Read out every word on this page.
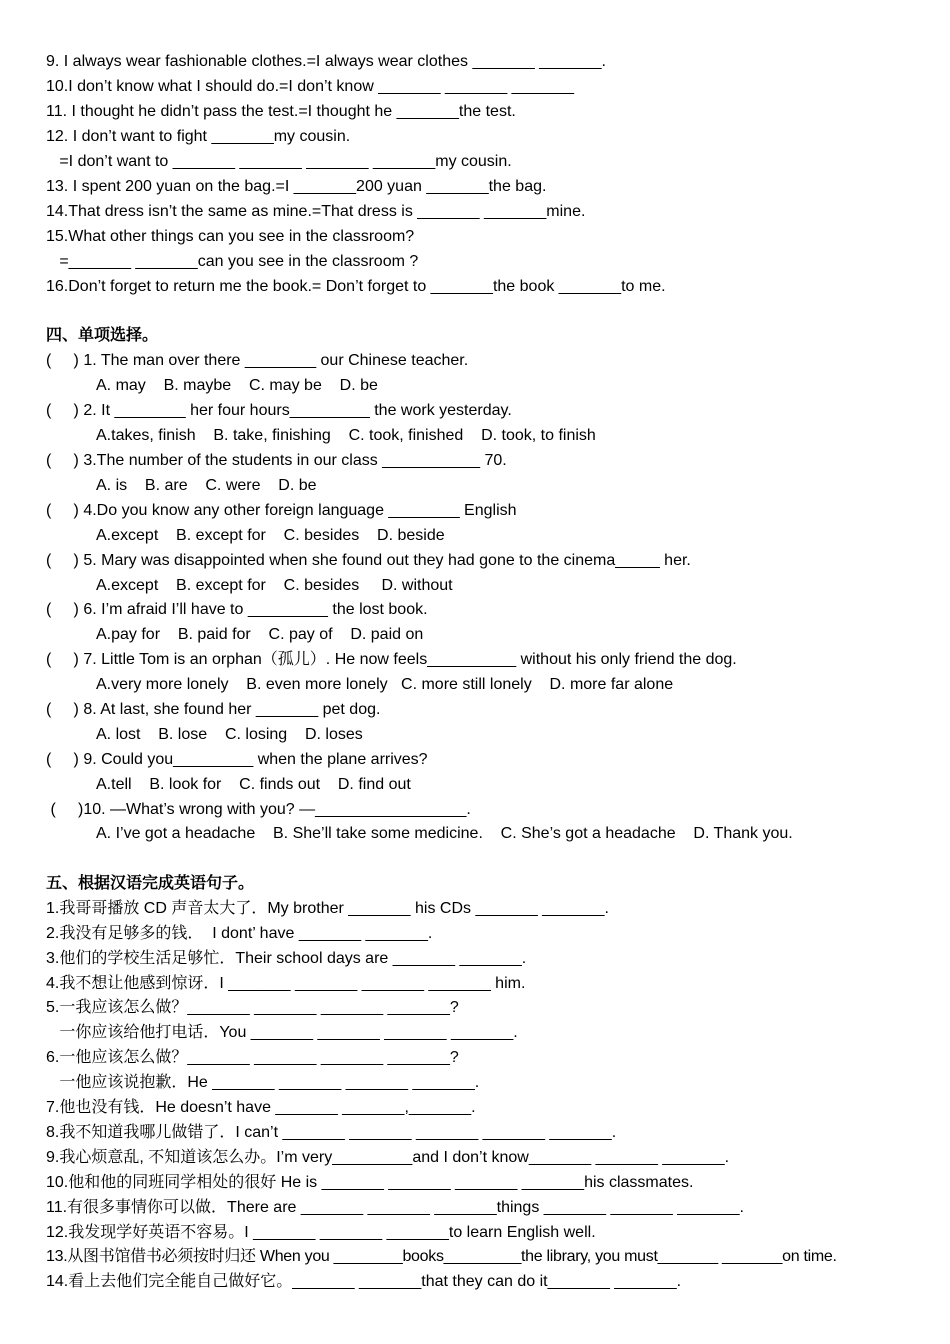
9. I always wear fashionable clothes.=I always wear clothes _______ _______.
10.I don’t know what I should do.=I don’t know _______ _______ _______
11. I thought he didn’t pass the test.=I thought he _______the test.
12. I don’t want to fight _______my cousin.
=I don’t want to _______ _______ _______ _______my cousin.
13. I spent 200 yuan on the bag.=I _______200 yuan _______the bag.
14.That dress isn’t the same as mine.=That dress is _______ _______mine.
15.What other things can you see in the classroom?
=_______ _______can you see in the classroom ?
16.Don’t forget to return me the book.= Don’t forget to _______the book _______to me.
四、单项选择。
(     ) 1. The man over there ________ our Chinese teacher.
A. may    B. maybe    C. may be    D. be
(     ) 2. It ________ her four hours_________ the work yesterday.
A.takes, finish    B. take, finishing    C. took, finished    D. took, to finish
(     ) 3.The number of the students in our class ___________ 70.
A. is    B. are    C. were    D. be
(     ) 4.Do you know any other foreign language ________ English
A.except    B. except for    C. besides    D. beside
(     ) 5. Mary was disappointed when she found out they had gone to the cinema_____ her.
A.except    B. except for    C. besides     D. without
(     ) 6. I’m afraid I’ll have to _________ the lost book.
A.pay for    B. paid for    C. pay of    D. paid on
(     ) 7. Little Tom is an orphan（孤儿）. He now feels__________ without his only friend the dog.
A.very more lonely    B. even more lonely   C. more still lonely    D. more far alone
(     ) 8. At last, she found her _______ pet dog.
A. lost    B. lose    C. losing    D. loses
(     ) 9. Could you_________ when the plane arrives?
A.tell    B. look for    C. finds out    D. find out
(     )10. —What’s wrong with you? —_________________.
A. I’ve got a headache    B. She’ll take some medicine.    C. She’s got a headache    D. Thank you.
五、根据汉语完成英语句子。
1.我哥哥播放 CD 声音太大了．My brother _______ his CDs _______ _______.
2.我没有足够多的钱．  I dont’ have _______ _______.
3.他们的学校生活足够忙．Their school days are _______ _______.
4.我不想让他感到惊讶．I _______ _______ _______ _______ him.
5.一我应该怎么做？_______ _______ _______ _______?
一你应该给他打电话．You _______ _______ _______ _______.
6.一他应该怎么做？_______ _______ _______ _______?
一他应该说抱歉．He _______ _______ _______ _______.
7.他也没有钱．He doesn’t have _______ _______,_______.
8.我不知道我哪儿做错了．I can’t _______ _______ _______ _______ _______.
9.我心烦意乱, 不知道该怎么办。I’m very_________and I don’t know_______ _______ _______.
10.他和他的同班同学相处的很好 He is _______ _______ _______ _______his classmates.
11.有很多事情你可以做．There are _______ _______ _______things _______ _______ _______.
12.我发现学好英语不容易。I _______ _______ _______to learn English well.
13.从图书馆借书必须按时归还 When you ________books_________the library, you must_______ _______on time.
14.看上去他们完全能自己做好它。_______ _______that they can do it_______ _______.
